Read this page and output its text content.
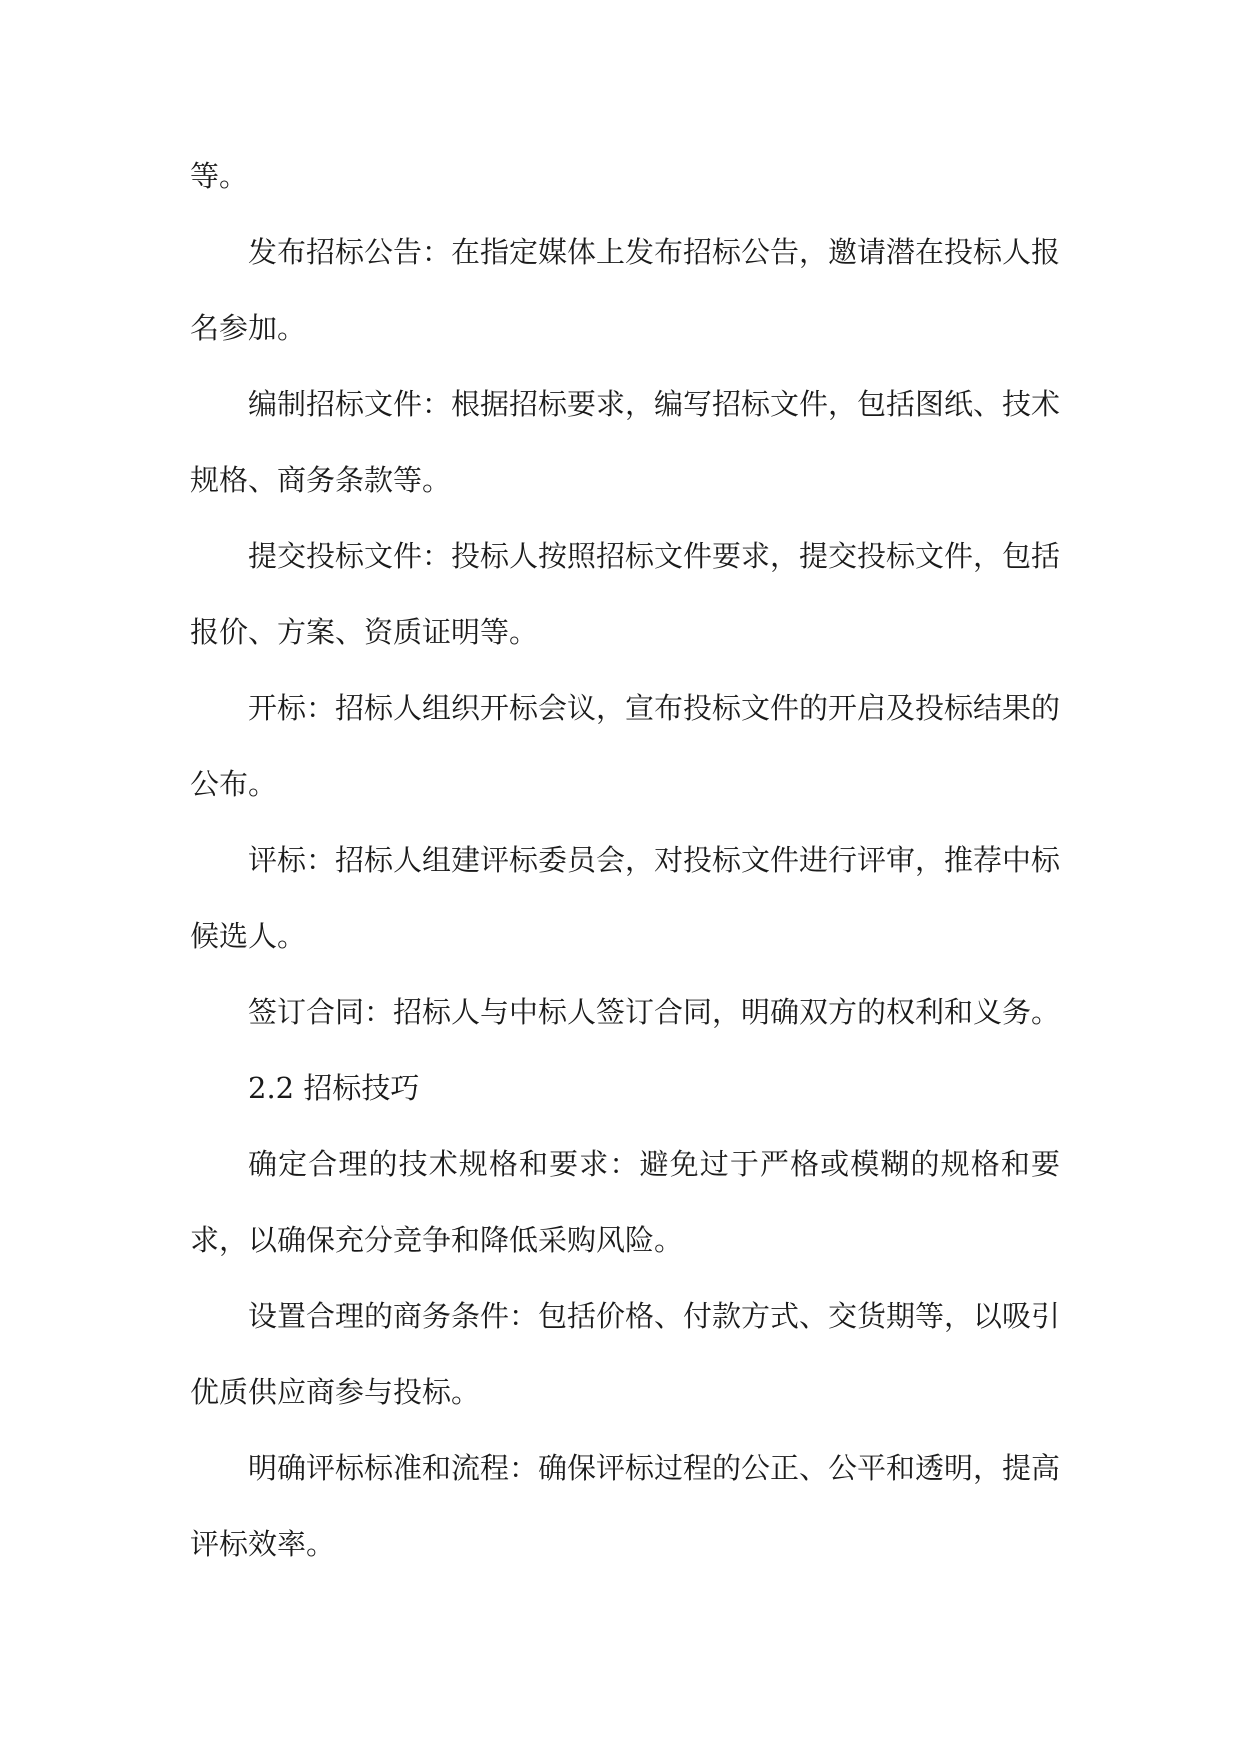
等。

发布招标公告：在指定媒体上发布招标公告，邀请潜在投标人报名参加。

编制招标文件：根据招标要求，编写招标文件，包括图纸、技术规格、商务条款等。

提交投标文件：投标人按照招标文件要求，提交投标文件，包括报价、方案、资质证明等。

开标：招标人组织开标会议，宣布投标文件的开启及投标结果的公布。

评标：招标人组建评标委员会，对投标文件进行评审，推荐中标候选人。

签订合同：招标人与中标人签订合同，明确双方的权利和义务。

2.2 招标技巧

确定合理的技术规格和要求：避免过于严格或模糊的规格和要求，以确保充分竞争和降低采购风险。

设置合理的商务条件：包括价格、付款方式、交货期等，以吸引优质供应商参与投标。

明确评标标准和流程：确保评标过程的公正、公平和透明，提高评标效率。
